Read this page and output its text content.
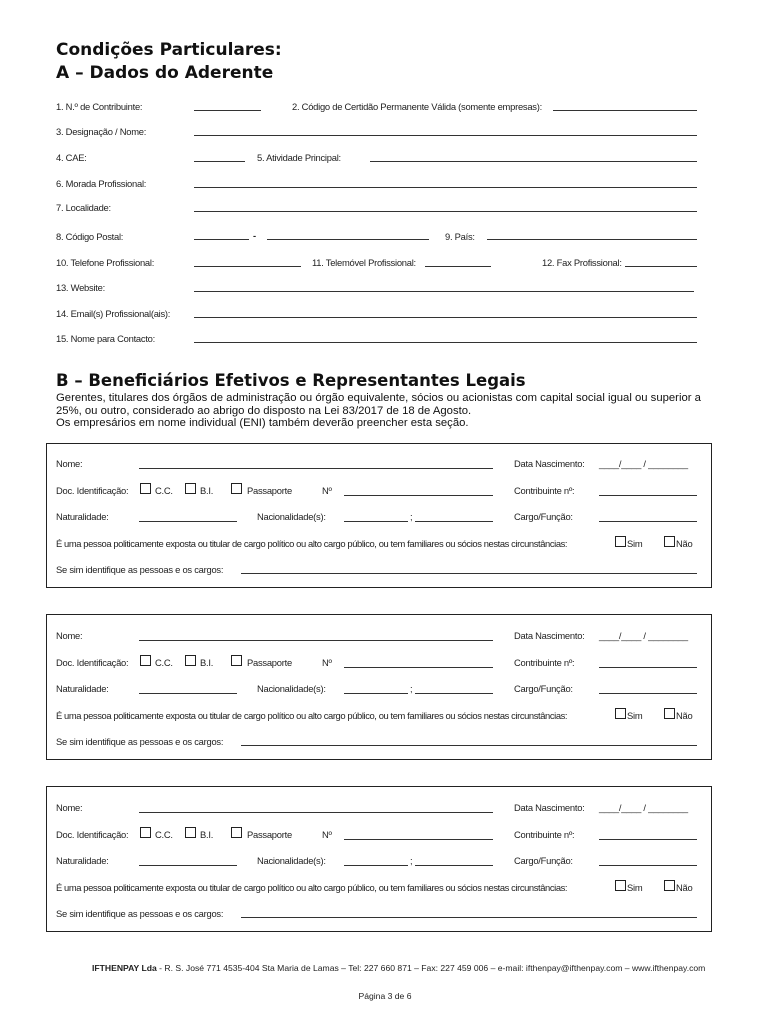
Condições Particulares:
A – Dados do Aderente
1. N.º de Contribuinte:	2. Código de Certidão Permanente Válida (somente empresas):
3. Designação / Nome:
4. CAE:	5. Atividade Principal:
6. Morada Profissional:
7. Localidade:
8. Código Postal:	-	9. País:
10. Telefone Profissional:	11. Telemóvel Profissional:	12. Fax Profissional:
13. Website:
14. Email(s) Profissional(ais):
15. Nome para Contacto:
B – Beneficiários Efetivos e Representantes Legais
Gerentes, titulares dos órgãos de administração ou órgão equivalente, sócios ou acionistas com capital social igual ou superior a
25%, ou outro, considerado ao abrigo do disposto na Lei 83/2017 de 18 de Agosto.
Os empresários em nome individual (ENI) também deverão preencher esta seção.
Nome:	Data Nascimento: ____/____ / ________
Doc. Identificação:	C.C.	B.I.	Passaporte	Nº	Contribuinte nº:
Naturalidade:	Nacionalidade(s):	;	Cargo/Função:
É uma pessoa politicamente exposta ou titular de cargo político ou alto cargo público, ou tem familiares ou sócios nestas circunstâncias:	Sim	Não
Se sim identifique as pessoas e os cargos:
Nome:	Data Nascimento: ____/____ / ________
Doc. Identificação:	C.C.	B.I.	Passaporte	Nº	Contribuinte nº:
Naturalidade:	Nacionalidade(s):	;	Cargo/Função:
É uma pessoa politicamente exposta ou titular de cargo político ou alto cargo público, ou tem familiares ou sócios nestas circunstâncias:	Sim	Não
Se sim identifique as pessoas e os cargos:
Nome:	Data Nascimento: ____/____ / ________
Doc. Identificação:	C.C.	B.I.	Passaporte	Nº	Contribuinte nº:
Naturalidade:	Nacionalidade(s):	;	Cargo/Função:
É uma pessoa politicamente exposta ou titular de cargo político ou alto cargo público, ou tem familiares ou sócios nestas circunstâncias:	Sim	Não
Se sim identifique as pessoas e os cargos:
IFTHENPAY Lda - R. S. José 771 4535-404 Sta Maria de Lamas – Tel: 227 660 871 – Fax: 227 459 006 – e-mail: ifthenpay@ifthenpay.com – www.ifthenpay.com
Página 3 de 6
